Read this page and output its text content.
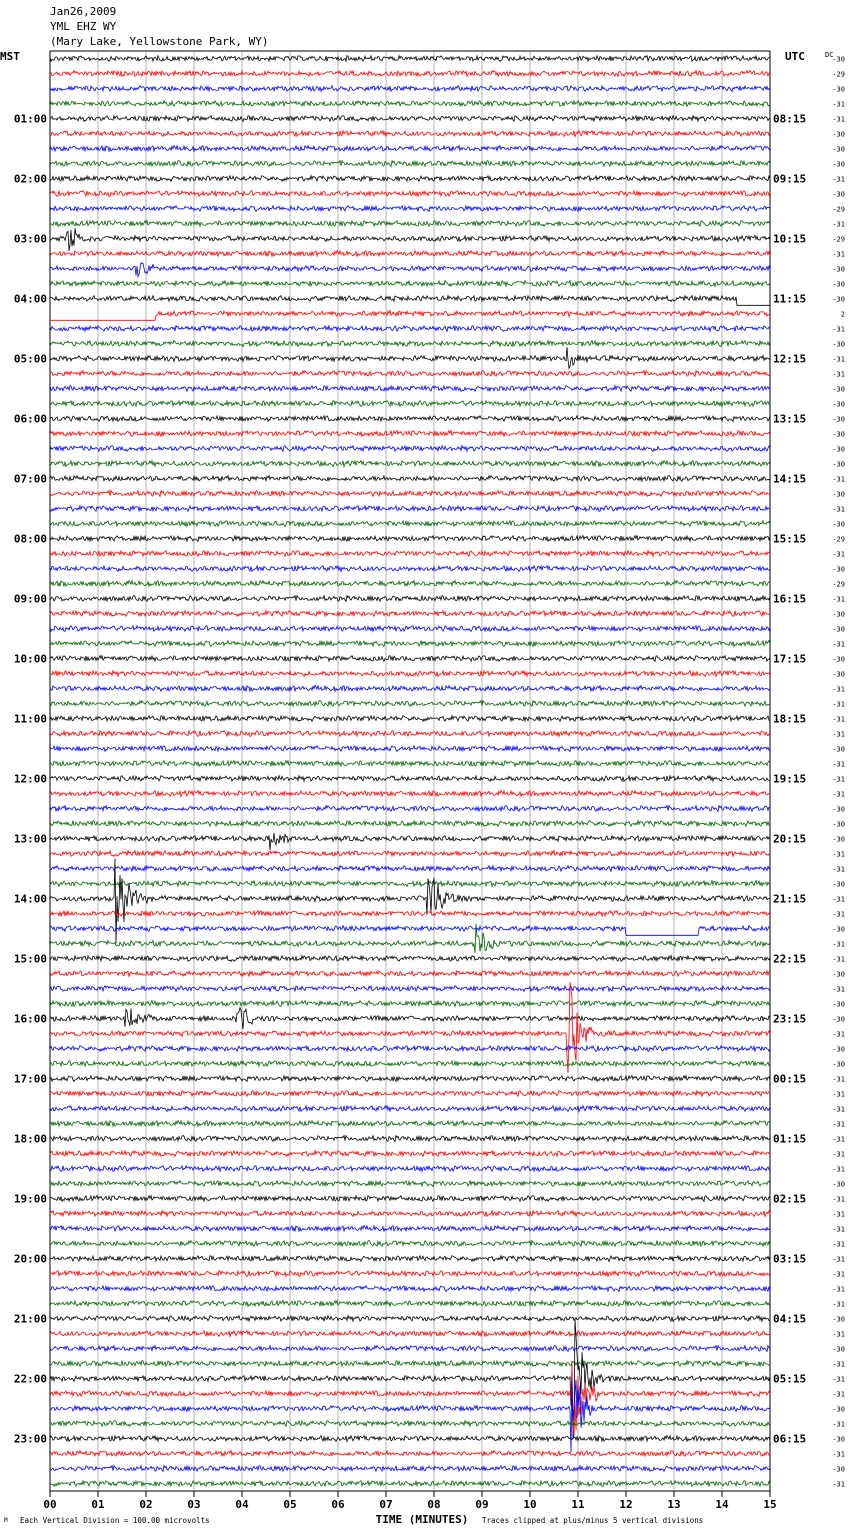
Jan26,2009
YML EHZ WY
(Mary Lake, Yellowstone Park, WY)
MST	UTC
00	01	02	03	04	05	06	07	08	09	10	11	12	13	14	15
-30
-29
-30
-31
-31
01:00	08:15
-30
-30
-30
-31
02:00	09:15
-30
-29
-31
-29
03:00	10:15
-31
-30
-30
-30
04:00	11:15
2
-31
-30
-31
05:00	12:15
-31
-30
-30
-30
06:00	13:15
-30
-30
-30
-31
07:00	14:15
-30
-31
-30
-29
08:00	15:15
-31
-30
-29
-31
09:00	16:15
-30
-30
-31
-30
10:00	17:15
-30
-31
-31
-31
11:00	18:15
-31
-30
-31
-31
12:00	19:15
-31
-30
-30
-30
13:00	20:15
-31
-31
-30
-31
14:00	21:15
-31
-30
-31
-31
15:00	22:15
-30
-31
-30
-30
16:00	23:15
-31
-30
-30
-31
17:00	00:15
-31
-31
-31
-31
18:00	01:15
-31
-31
-30
-31
19:00	02:15
-31
-31
-31
-31
20:00	03:15
-31
-31
-31
-30
21:00	04:15
-31
-30
-31
-31
22:00	05:15
-31
-30
-31
-30
23:00	06:15
-31
-30
-31
DC
M Each Vertical Division = 100.00 microvolts	TIME (MINUTES) Traces clipped at plus/minus 5 vertical divisions
